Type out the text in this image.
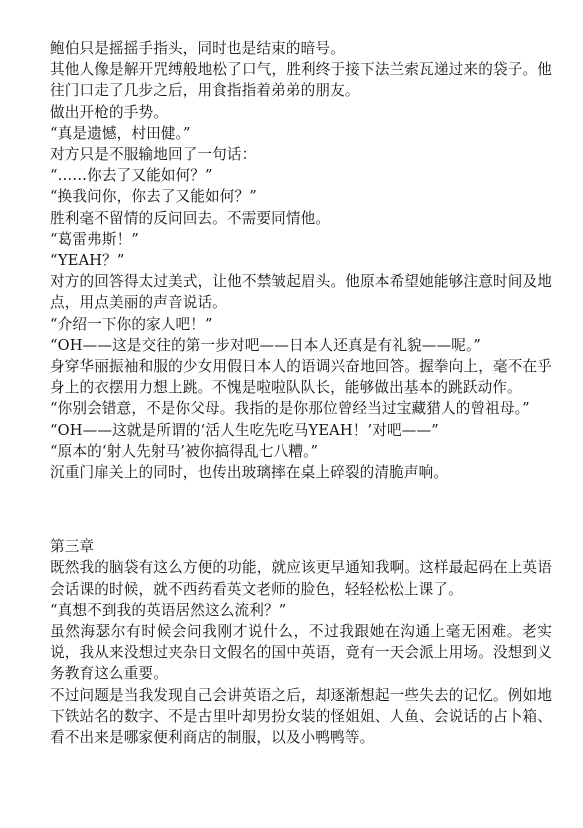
鲍伯只是摇摇手指头，同时也是结束的暗号。

其他人像是解开咒缚般地松了口气，胜利终于接下法兰索瓦递过来的袋子。他往门口走了几步之后，用食指指着弟弟的朋友。

做出开枪的手势。

“真是遗憾，村田健。”

对方只是不服输地回了一句话：

“……你去了又能如何？”

“换我问你，你去了又能如何？”

胜利毫不留情的反问回去。不需要同情他。

“葛雷弗斯！”

“YEAH？”

对方的回答得太过美式，让他不禁皱起眉头。他原本希望她能够注意时间及地点，用点美丽的声音说话。

“介绍一下你的家人吧！”

“OH——这是交往的第一步对吧——日本人还真是有礼貌——呢。”

身穿华丽振袖和服的少女用假日本人的语调兴奋地回答。握拳向上，毫不在乎身上的衣摆用力想上跳。不愧是啦啦队队长，能够做出基本的跳跃动作。

“你别会错意，不是你父母。我指的是你那位曾经当过宝藏猎人的曾祖母。”

“OH——这就是所谓的‘活人生吃先吃马YEAH！’对吧——”

“原本的‘射人先射马’被你搞得乱七八糟。”

沉重门扉关上的同时，也传出玻璃摔在桌上碎裂的清脆声响。

第三章

既然我的脑袋有这么方便的功能，就应该更早通知我啊。这样最起码在上英语会话课的时候，就不西药看英文老师的脸色，轻轻松松上课了。

“真想不到我的英语居然这么流利？”

虽然海瑟尔有时候会问我刚才说什么，不过我跟她在沟通上毫无困难。老实说，我从来没想过夹杂日文假名的国中英语，竟有一天会派上用场。没想到义务教育这么重要。

不过问题是当我发现自己会讲英语之后，却逐渐想起一些失去的记忆。例如地下铁站名的数字、不是古里叶却男扮女装的怪姐姐、人鱼、会说话的占卜箱、看不出来是哪家便利商店的制服，以及小鸭鸭等。
